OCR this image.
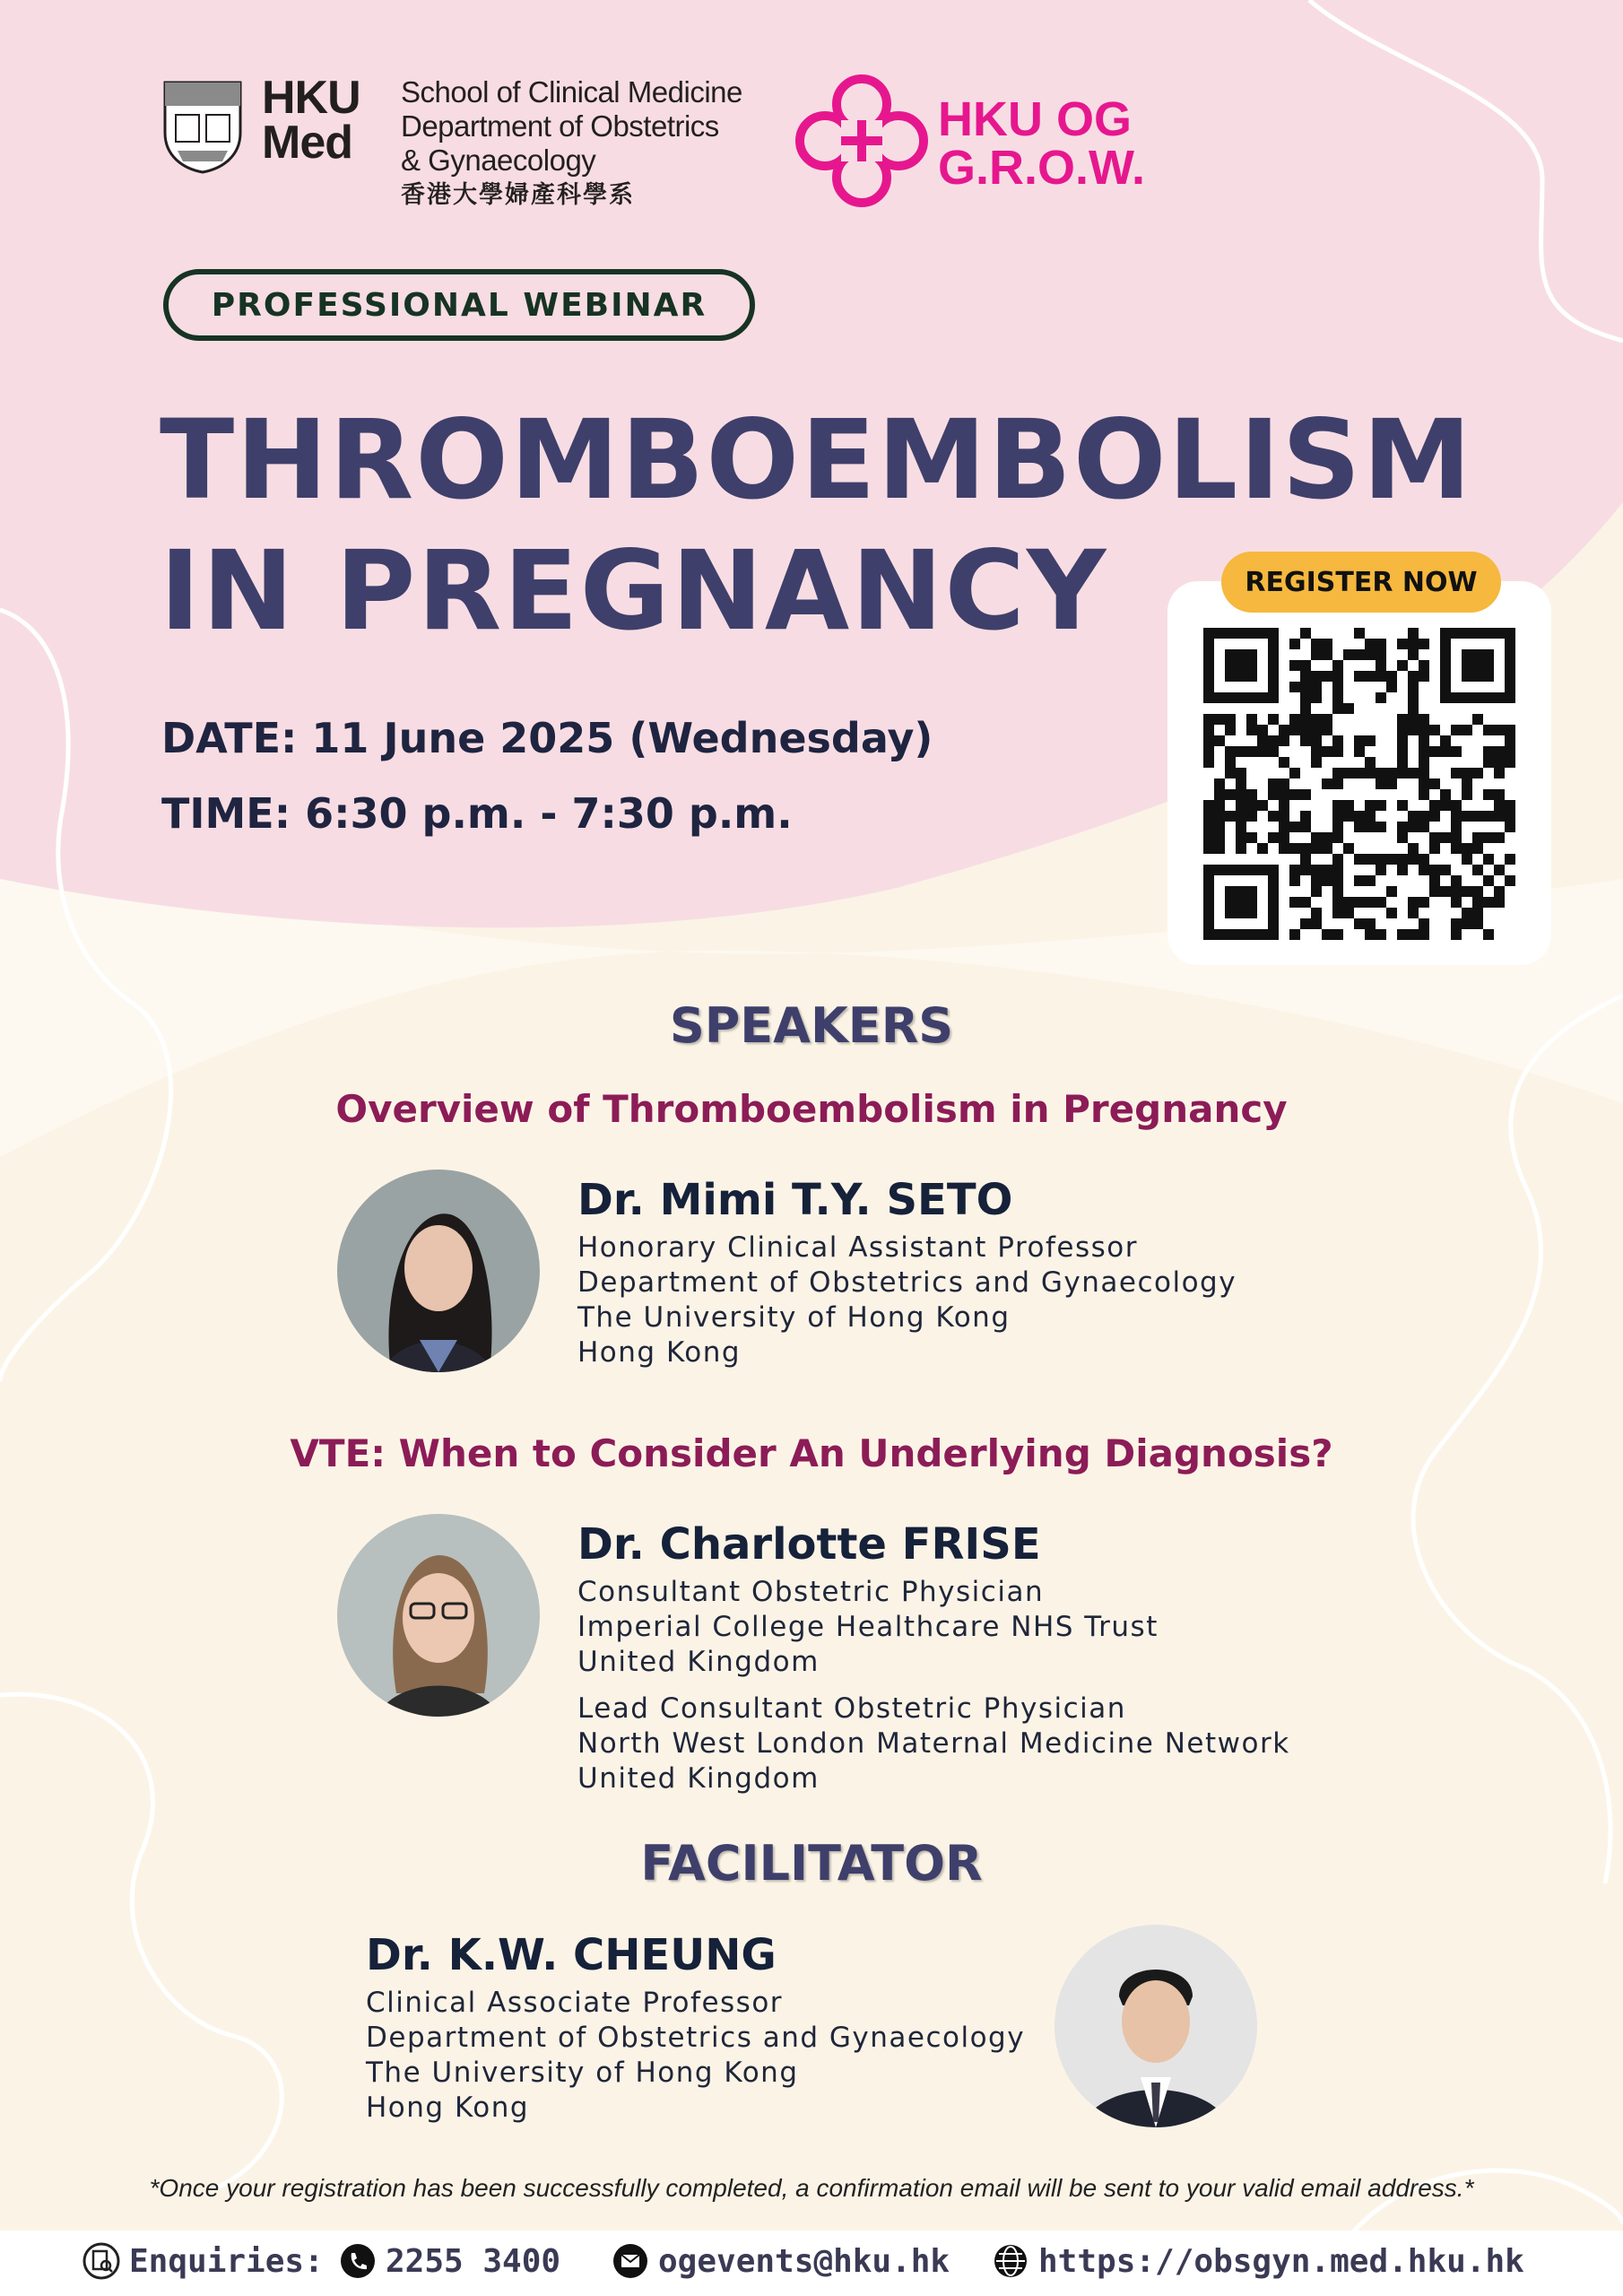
HKU
Med
School of Clinical Medicine
Department of Obstetrics
& Gynaecology
香港大學婦產科學系
HKU OG
G.R.O.W.
PROFESSIONAL WEBINAR
THROMBOEMBOLISM
IN PREGNANCY
DATE: 11 June 2025 (Wednesday)
TIME: 6:30 p.m. - 7:30 p.m.
REGISTER NOW
SPEAKERS
Overview of Thromboembolism in Pregnancy
Dr. Mimi T.Y. SETO
Honorary Clinical Assistant Professor
Department of Obstetrics and Gynaecology
The University of Hong Kong
Hong Kong
VTE: When to Consider An Underlying Diagnosis?
Dr. Charlotte FRISE
Consultant Obstetric Physician
Imperial College Healthcare NHS Trust
United Kingdom
Lead Consultant Obstetric Physician
North West London Maternal Medicine Network
United Kingdom
FACILITATOR
Dr. K.W. CHEUNG
Clinical Associate Professor
Department of Obstetrics and Gynaecology
The University of Hong Kong
Hong Kong
*Once your registration has been successfully completed, a confirmation email will be sent to your valid email address.*
Enquiries: 2255 3400	ogevents@hku.hk	https://obsgyn.med.hku.hk
